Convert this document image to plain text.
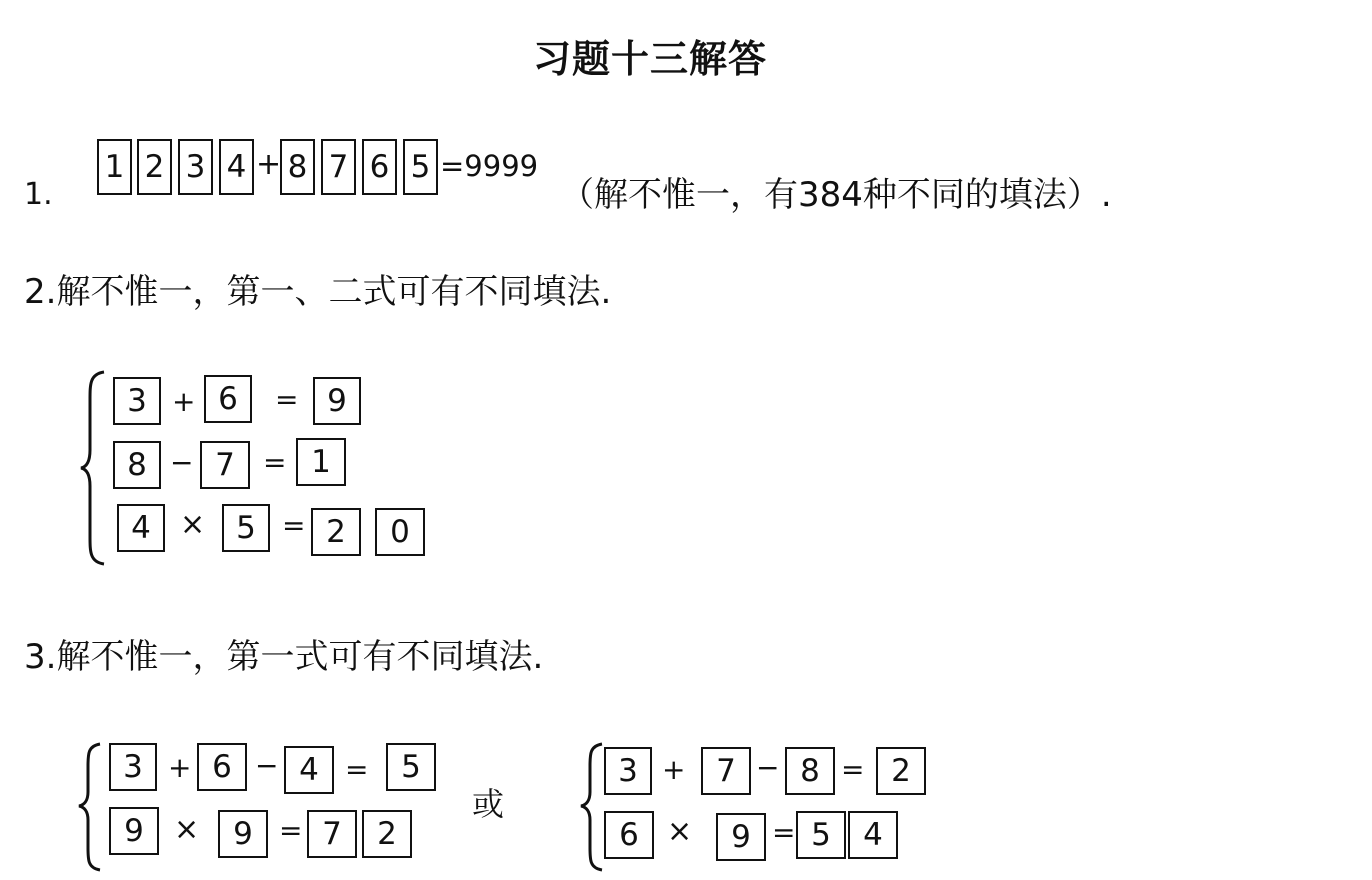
习题十三解答
1.
1 2 3 4 + 8 7 6 5 =9999
（解不惟一，有384种不同的填法）.
2.解不惟一，第一、二式可有不同填法.
3 + 6	= 9
8 − 7	= 1
4 × 5 = 2	0
3.解不惟一，第一式可有不同填法.
3 + 6 − 4 =	5
9	×	9 = 7	2
或
3 + 7 − 8 = 2
6 ×	9 = 5	4
